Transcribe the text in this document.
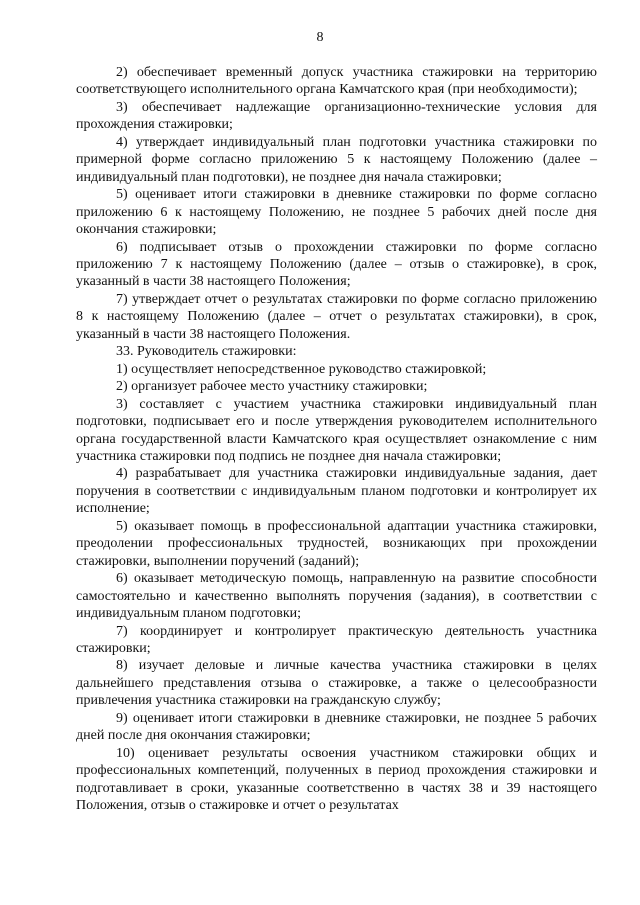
8

2) обеспечивает временный допуск участника стажировки на территорию соответствующего исполнительного органа Камчатского края (при необходимости);

3) обеспечивает надлежащие организационно-технические условия для прохождения стажировки;

4) утверждает индивидуальный план подготовки участника стажировки по примерной форме согласно приложению 5 к настоящему Положению (далее – индивидуальный план подготовки), не позднее дня начала стажировки;

5) оценивает итоги стажировки в дневнике стажировки по форме согласно приложению 6 к настоящему Положению, не позднее 5 рабочих дней после дня окончания стажировки;

6) подписывает отзыв о прохождении стажировки по форме согласно приложению 7 к настоящему Положению (далее – отзыв о стажировке), в срок, указанный в части 38 настоящего Положения;

7) утверждает отчет о результатах стажировки по форме согласно приложению 8 к настоящему Положению (далее – отчет о результатах стажировки), в срок, указанный в части 38 настоящего Положения.

33. Руководитель стажировки:

1) осуществляет непосредственное руководство стажировкой;

2) организует рабочее место участнику стажировки;

3) составляет с участием участника стажировки индивидуальный план подготовки, подписывает его и после утверждения руководителем исполнительного органа государственной власти Камчатского края осуществляет ознакомление с ним участника стажировки под подпись не позднее дня начала стажировки;

4) разрабатывает для участника стажировки индивидуальные задания, дает поручения в соответствии с индивидуальным планом подготовки и контролирует их исполнение;

5) оказывает помощь в профессиональной адаптации участника стажировки, преодолении профессиональных трудностей, возникающих при прохождении стажировки, выполнении поручений (заданий);

6) оказывает методическую помощь, направленную на развитие способности самостоятельно и качественно выполнять поручения (задания), в соответствии с индивидуальным планом подготовки;

7) координирует и контролирует практическую деятельность участника стажировки;

8) изучает деловые и личные качества участника стажировки в целях дальнейшего представления отзыва о стажировке, а также о целесообразности привлечения участника стажировки на гражданскую службу;

9) оценивает итоги стажировки в дневнике стажировки, не позднее 5 рабочих дней после дня окончания стажировки;

10) оценивает результаты освоения участником стажировки общих и профессиональных компетенций, полученных в период прохождения стажировки и подготавливает в сроки, указанные соответственно в частях 38 и 39 настоящего Положения, отзыв о стажировке и отчет о результатах
